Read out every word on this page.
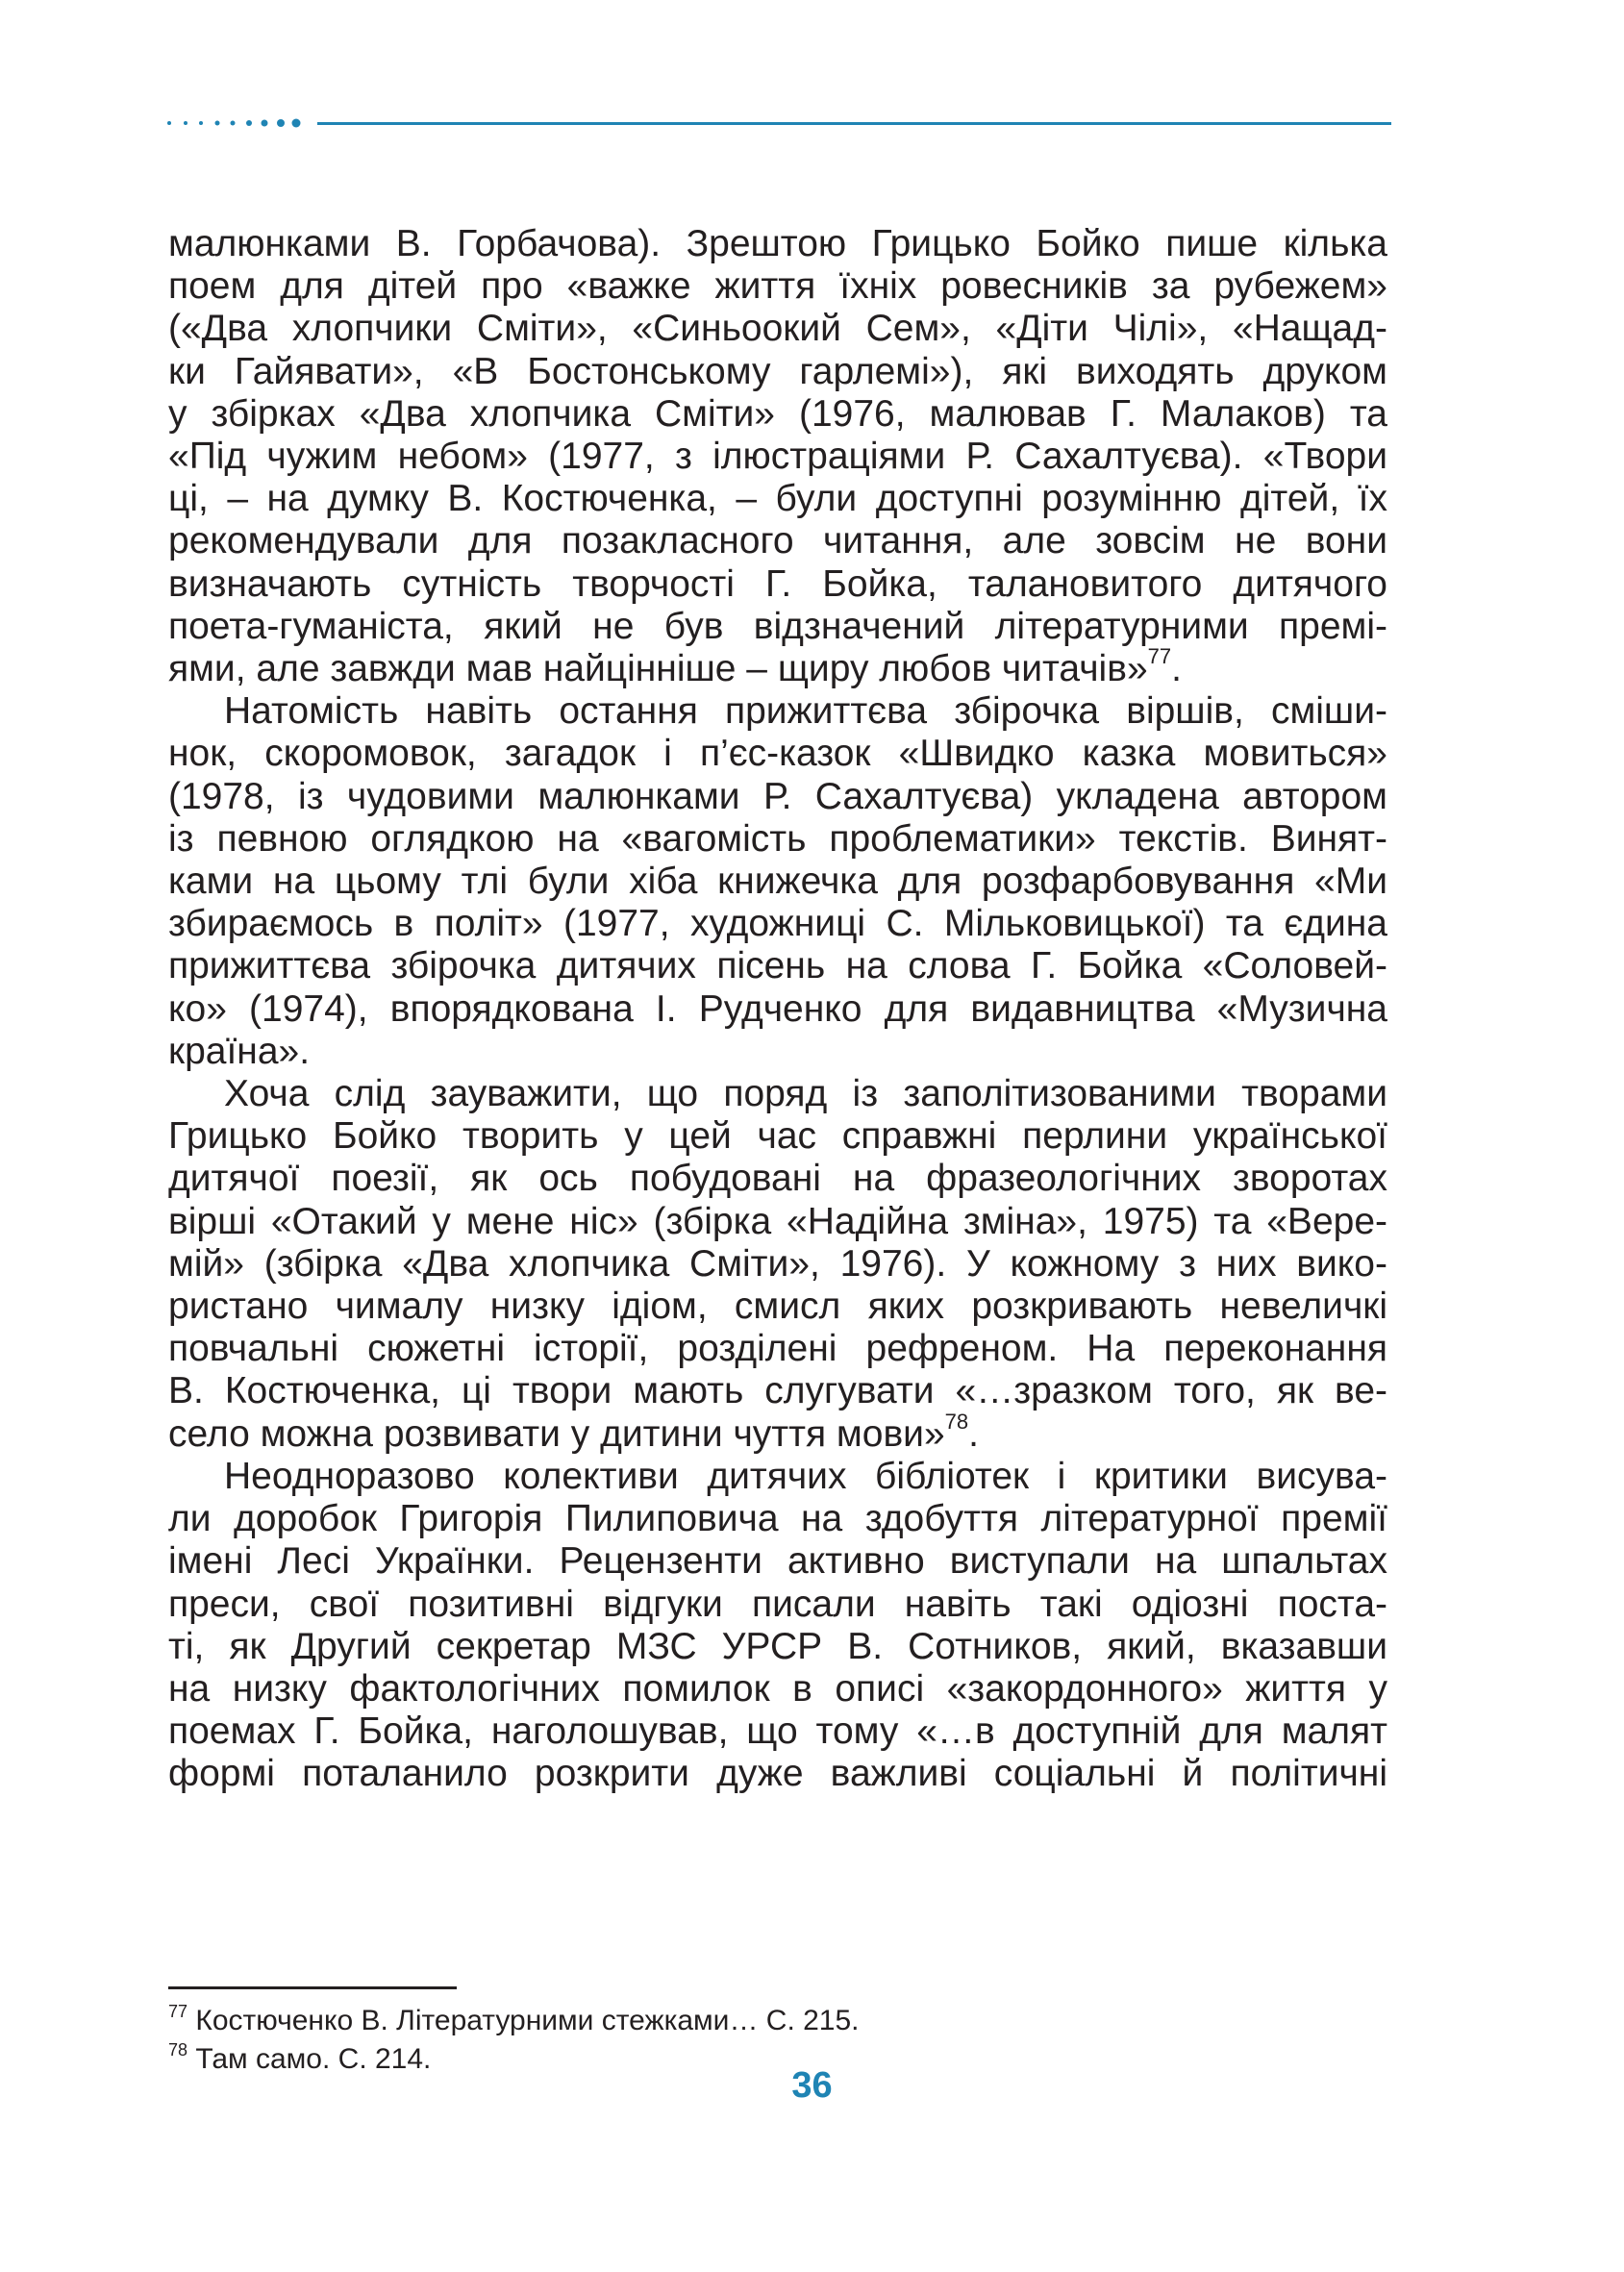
малюнками В. Горбачова). Зрештою Грицько Бойко пише кілька
поем для дітей про «важке життя їхніх ровесників за рубежем»
(«Два хлопчики Сміти», «Синьоокий Сем», «Діти Чілі», «Нащад-
ки Гайявати», «В Бостонському гарлемі»), які виходять друком
у збірках «Два хлопчика Сміти» (1976, малював Г. Малаков) та
«Під чужим небом» (1977, з ілюстраціями Р. Сахалтуєва). «Твори
ці, – на думку В. Костюченка, – були доступні розумінню дітей, їх
рекомендували для позакласного читання, але зовсім не вони
визначають сутність творчості Г. Бойка, талановитого дитячого
поета-гуманіста, який не був відзначений літературними премі-
ями, але завжди мав найцінніше – щиру любов читачів»$^{77}$.
Натомість навіть остання прижиттєва збірочка віршів, сміши-
нок, скоромовок, загадок і п’єс-казок «Швидко казка мовиться»
(1978, із чудовими малюнками Р. Сахалтуєва) укладена автором
із певною оглядкою на «вагомість проблематики» текстів. Винят-
ками на цьому тлі були хіба книжечка для розфарбовування «Ми
збираємось в політ» (1977, художниці С. Мільковицької) та єдина
прижиттєва збірочка дитячих пісень на слова Г. Бойка «Соловей-
ко» (1974), впорядкована І. Рудченко для видавництва «Музична
країна».
Хоча слід зауважити, що поряд із заполітизованими творами
Грицько Бойко творить у цей час справжні перлини української
дитячої поезії, як ось побудовані на фразеологічних зворотах
вірші «Отакий у мене ніс» (збірка «Надійна зміна», 1975) та «Вере-
мій» (збірка «Два хлопчика Сміти», 1976). У кожному з них вико-
ристано чималу низку ідіом, смисл яких розкривають невеличкі
повчальні сюжетні історії, розділені рефреном. На переконання
В. Костюченка, ці твори мають слугувати «…зразком того, як ве-
село можна розвивати у дитини чуття мови»$^{78}$.
Неодноразово колективи дитячих бібліотек і критики висува-
ли доробок Григорія Пилиповича на здобуття літературної премії
імені Лесі Українки. Рецензенти активно виступали на шпальтах
преси, свої позитивні відгуки писали навіть такі одіозні поста-
ті, як Другий секретар МЗС УРСР В. Сотников, який, вказавши
на низку фактологічних помилок в описі «закордонного» життя у
поемах Г. Бойка, наголошував, що тому «…в доступній для малят
формі поталанило розкрити дуже важливі соціальні й політичні
$^{77}$ Костюченко В. Літературними стежками… С. 215.
$^{78}$ Там само. С. 214.
36
